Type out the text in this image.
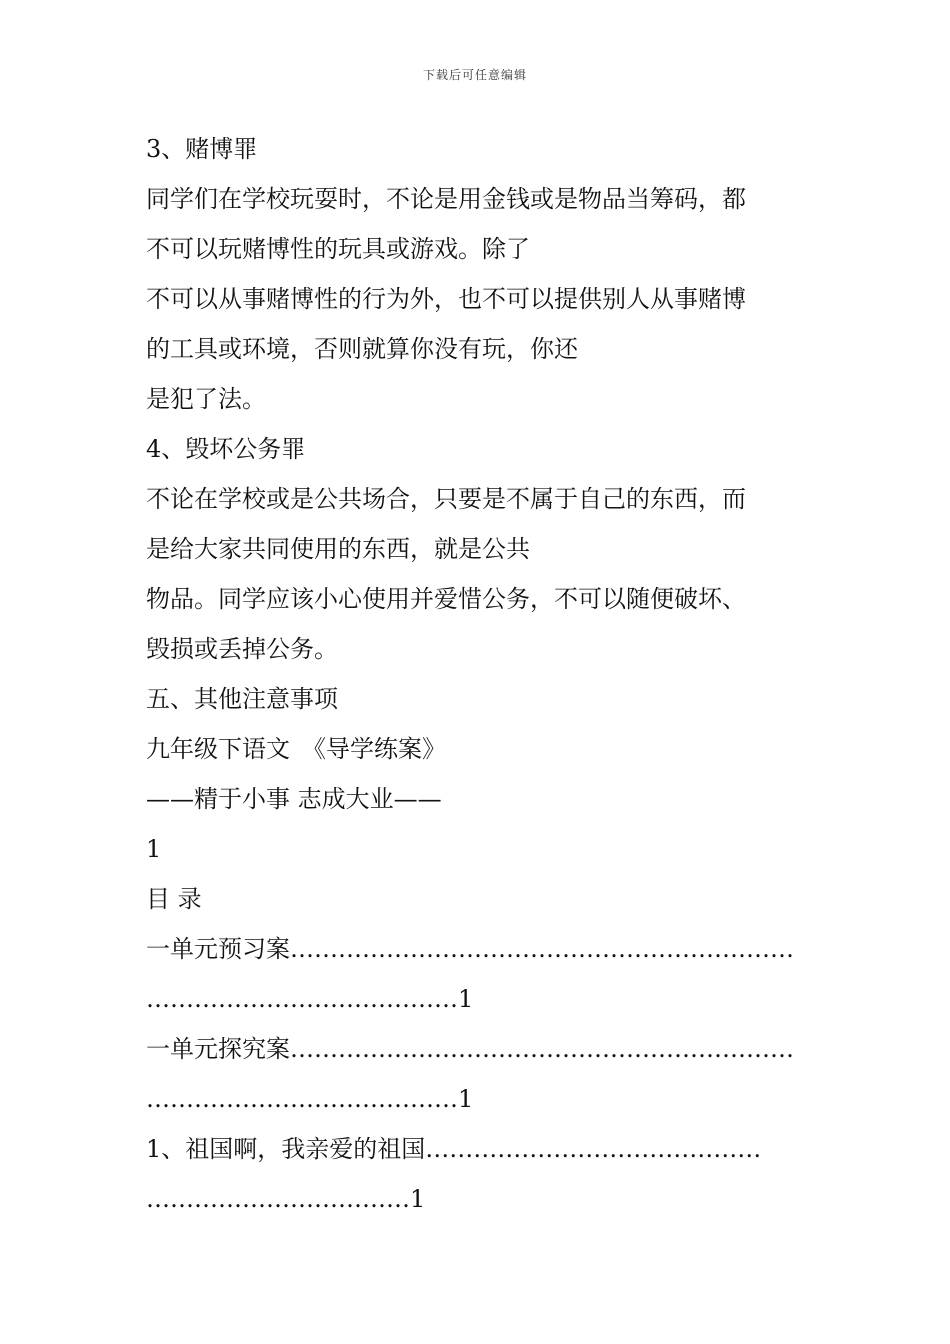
下载后可任意编辑
3、赌博罪
同学们在学校玩耍时，不论是用金钱或是物品当筹码，都
不可以玩赌博性的玩具或游戏。除了
不可以从事赌博性的行为外，也不可以提供别人从事赌博
的工具或环境，否则就算你没有玩，你还
是犯了法。
4、毁坏公务罪
不论在学校或是公共场合，只要是不属于自己的东西，而
是给大家共同使用的东西，就是公共
物品。同学应该小心使用并爱惜公务，不可以随便破坏、
毁损或丢掉公务。
五、其他注意事项
九年级下语文　《导学练案》
——精于小事 志成大业——
1
目 录
一单元预习案………………………………………………………
…………………………………1
一单元探究案………………………………………………………
…………………………………1
1、祖国啊，我亲爱的祖国……………………………………
……………………………1
